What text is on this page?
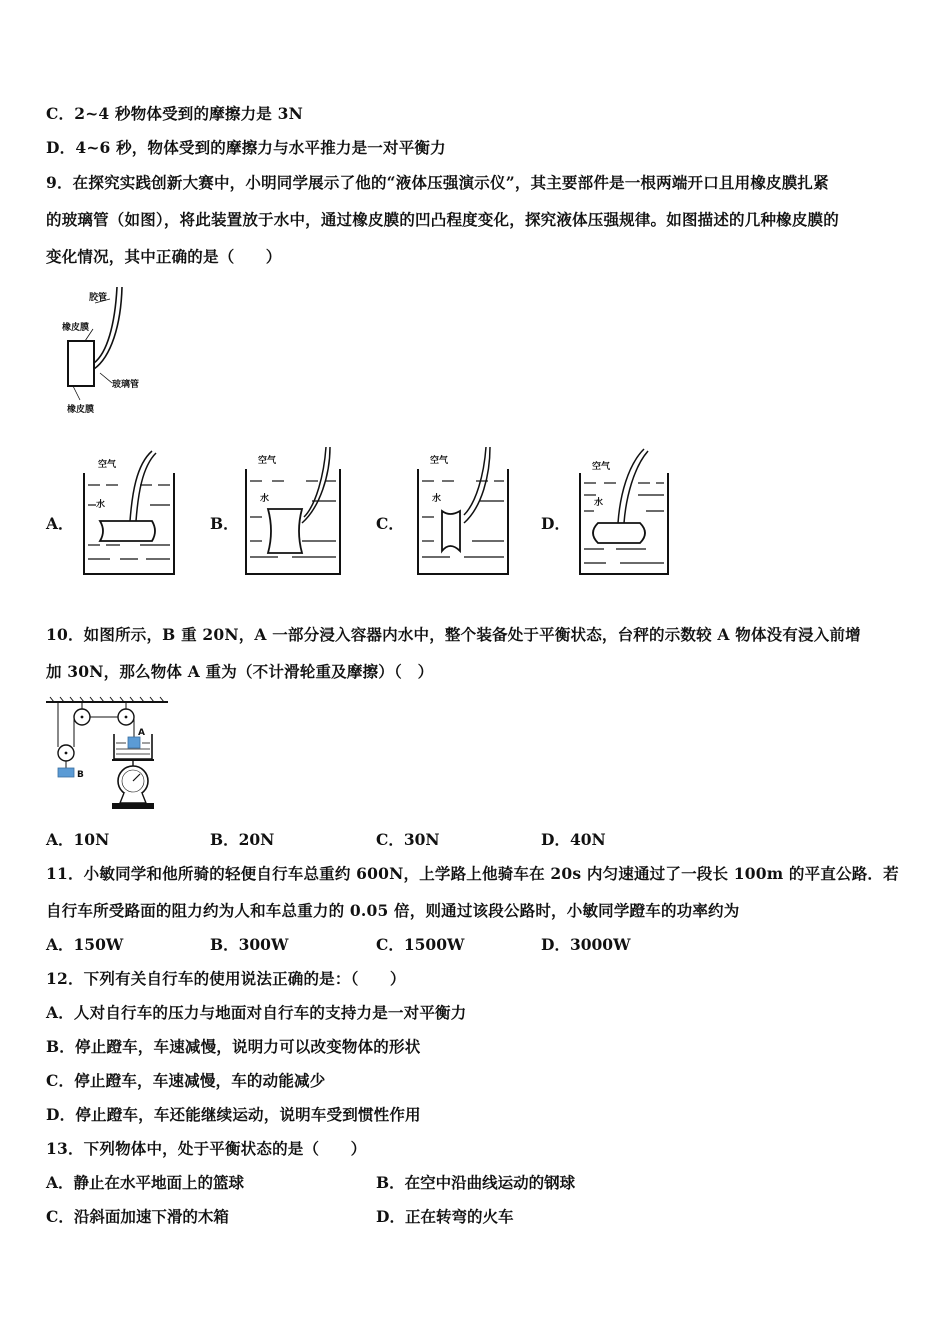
C．2~4 秒物体受到的摩擦力是 3N
D．4~6 秒，物体受到的摩擦力与水平推力是一对平衡力
9．在探究实践创新大赛中，小明同学展示了他的“液体压强演示仪”，其主要部件是一根两端开口且用橡皮膜扎紧
的玻璃管（如图），将此装置放于水中，通过橡皮膜的凹凸程度变化，探究液体压强规律。如图描述的几种橡皮膜的
变化情况，其中正确的是（　　）
胶管
橡皮膜
玻璃管
橡皮膜
A．	B．	C．	D．
空气
水
空气
水
空气
水
空气
水
10．如图所示，B 重 20N，A 一部分浸入容器内水中，整个装备处于平衡状态，台秤的示数较 A 物体没有浸入前增
加 30N，那么物体 A 重为（不计滑轮重及摩擦）（　）
B
A
A．10N	B．20N	C．30N	D．40N
11．小敏同学和他所骑的轻便自行车总重约 600N，上学路上他骑车在 20s 内匀速通过了一段长 100m 的平直公路．若
自行车所受路面的阻力约为人和车总重力的 0.05 倍，则通过该段公路时，小敏同学蹬车的功率约为
A．150W	B．300W	C．1500W	D．3000W
12．下列有关自行车的使用说法正确的是：（　　）
A．人对自行车的压力与地面对自行车的支持力是一对平衡力
B．停止蹬车，车速减慢，说明力可以改变物体的形状
C．停止蹬车，车速减慢，车的动能减少
D．停止蹬车，车还能继续运动，说明车受到惯性作用
13．下列物体中，处于平衡状态的是（　　）
A．静止在水平地面上的篮球	B．在空中沿曲线运动的钢球
C．沿斜面加速下滑的木箱	D．正在转弯的火车
